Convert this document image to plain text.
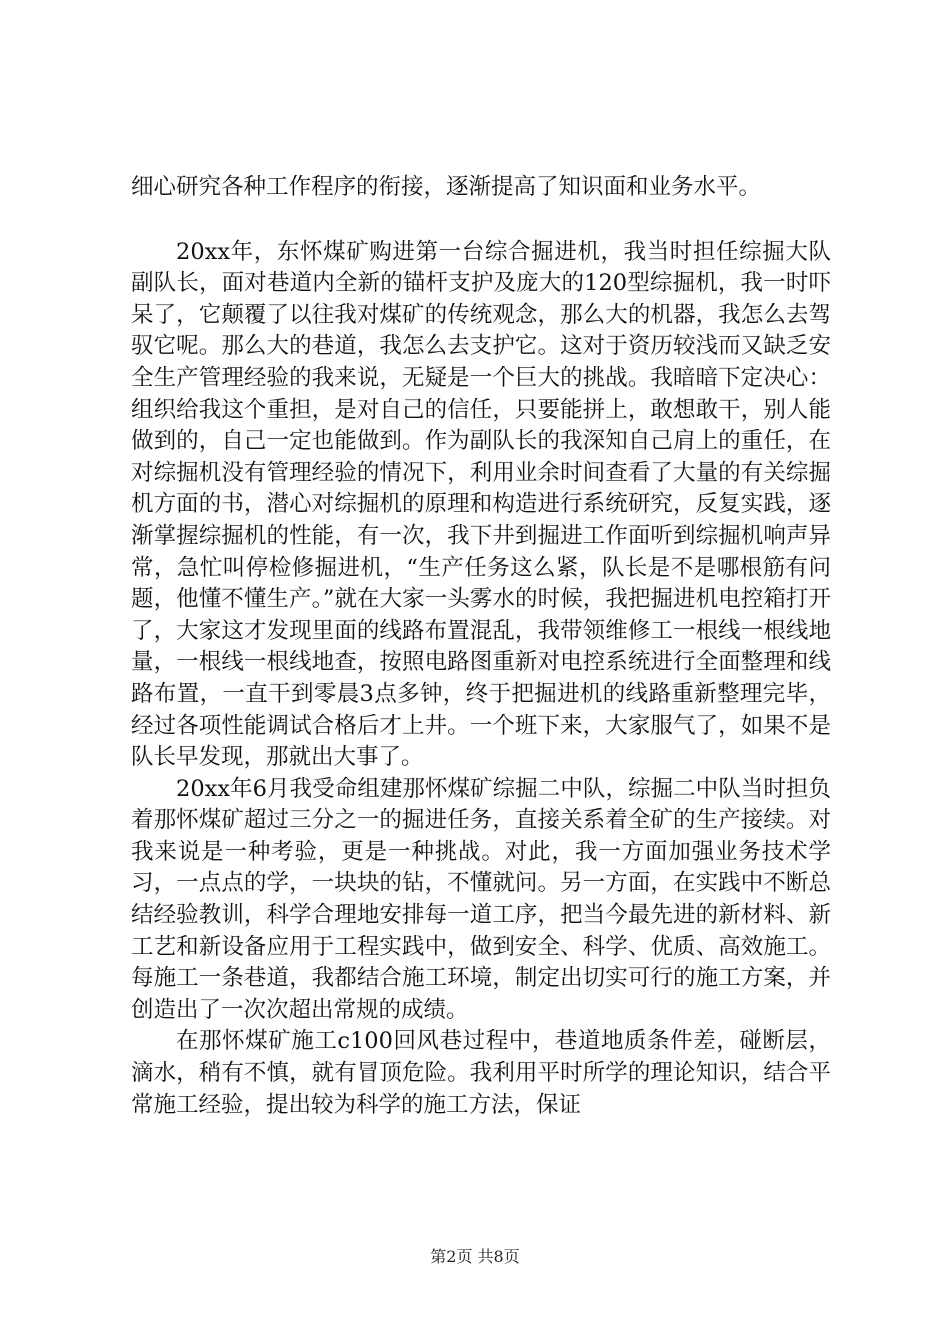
细心研究各种工作程序的衔接，逐渐提高了知识面和业务水平。

20xx年，东怀煤矿购进第一台综合掘进机，我当时担任综掘大队副队长，面对巷道内全新的锚杆支护及庞大的120型综掘机，我一时吓呆了，它颠覆了以往我对煤矿的传统观念，那么大的机器，我怎么去驾驭它呢。那么大的巷道，我怎么去支护它。这对于资历较浅而又缺乏安全生产管理经验的我来说，无疑是一个巨大的挑战。我暗暗下定决心：组织给我这个重担，是对自己的信任，只要能拼上，敢想敢干，别人能做到的，自己一定也能做到。作为副队长的我深知自己肩上的重任，在对综掘机没有管理经验的情况下，利用业余时间查看了大量的有关综掘机方面的书，潜心对综掘机的原理和构造进行系统研究，反复实践，逐渐掌握综掘机的性能，有一次，我下井到掘进工作面听到综掘机响声异常，急忙叫停检修掘进机，“生产任务这么紧，队长是不是哪根筋有问题，他懂不懂生产。”就在大家一头雾水的时候，我把掘进机电控箱打开了，大家这才发现里面的线路布置混乱，我带领维修工一根线一根线地量，一根线一根线地查，按照电路图重新对电控系统进行全面整理和线路布置，一直干到零晨3点多钟，终于把掘进机的线路重新整理完毕，经过各项性能调试合格后才上井。一个班下来，大家服气了，如果不是队长早发现，那就出大事了。

20xx年6月我受命组建那怀煤矿综掘二中队，综掘二中队当时担负着那怀煤矿超过三分之一的掘进任务，直接关系着全矿的生产接续。对我来说是一种考验，更是一种挑战。对此，我一方面加强业务技术学习，一点点的学，一块块的钻，不懂就问。另一方面，在实践中不断总结经验教训，科学合理地安排每一道工序，把当今最先进的新材料、新工艺和新设备应用于工程实践中，做到安全、科学、优质、高效施工。每施工一条巷道，我都结合施工环境，制定出切实可行的施工方案，并创造出了一次次超出常规的成绩。

在那怀煤矿施工c100回风巷过程中，巷道地质条件差，碰断层，滴水，稍有不慎，就有冒顶危险。我利用平时所学的理论知识，结合平常施工经验，提出较为科学的施工方法，保证

第2页 共8页
